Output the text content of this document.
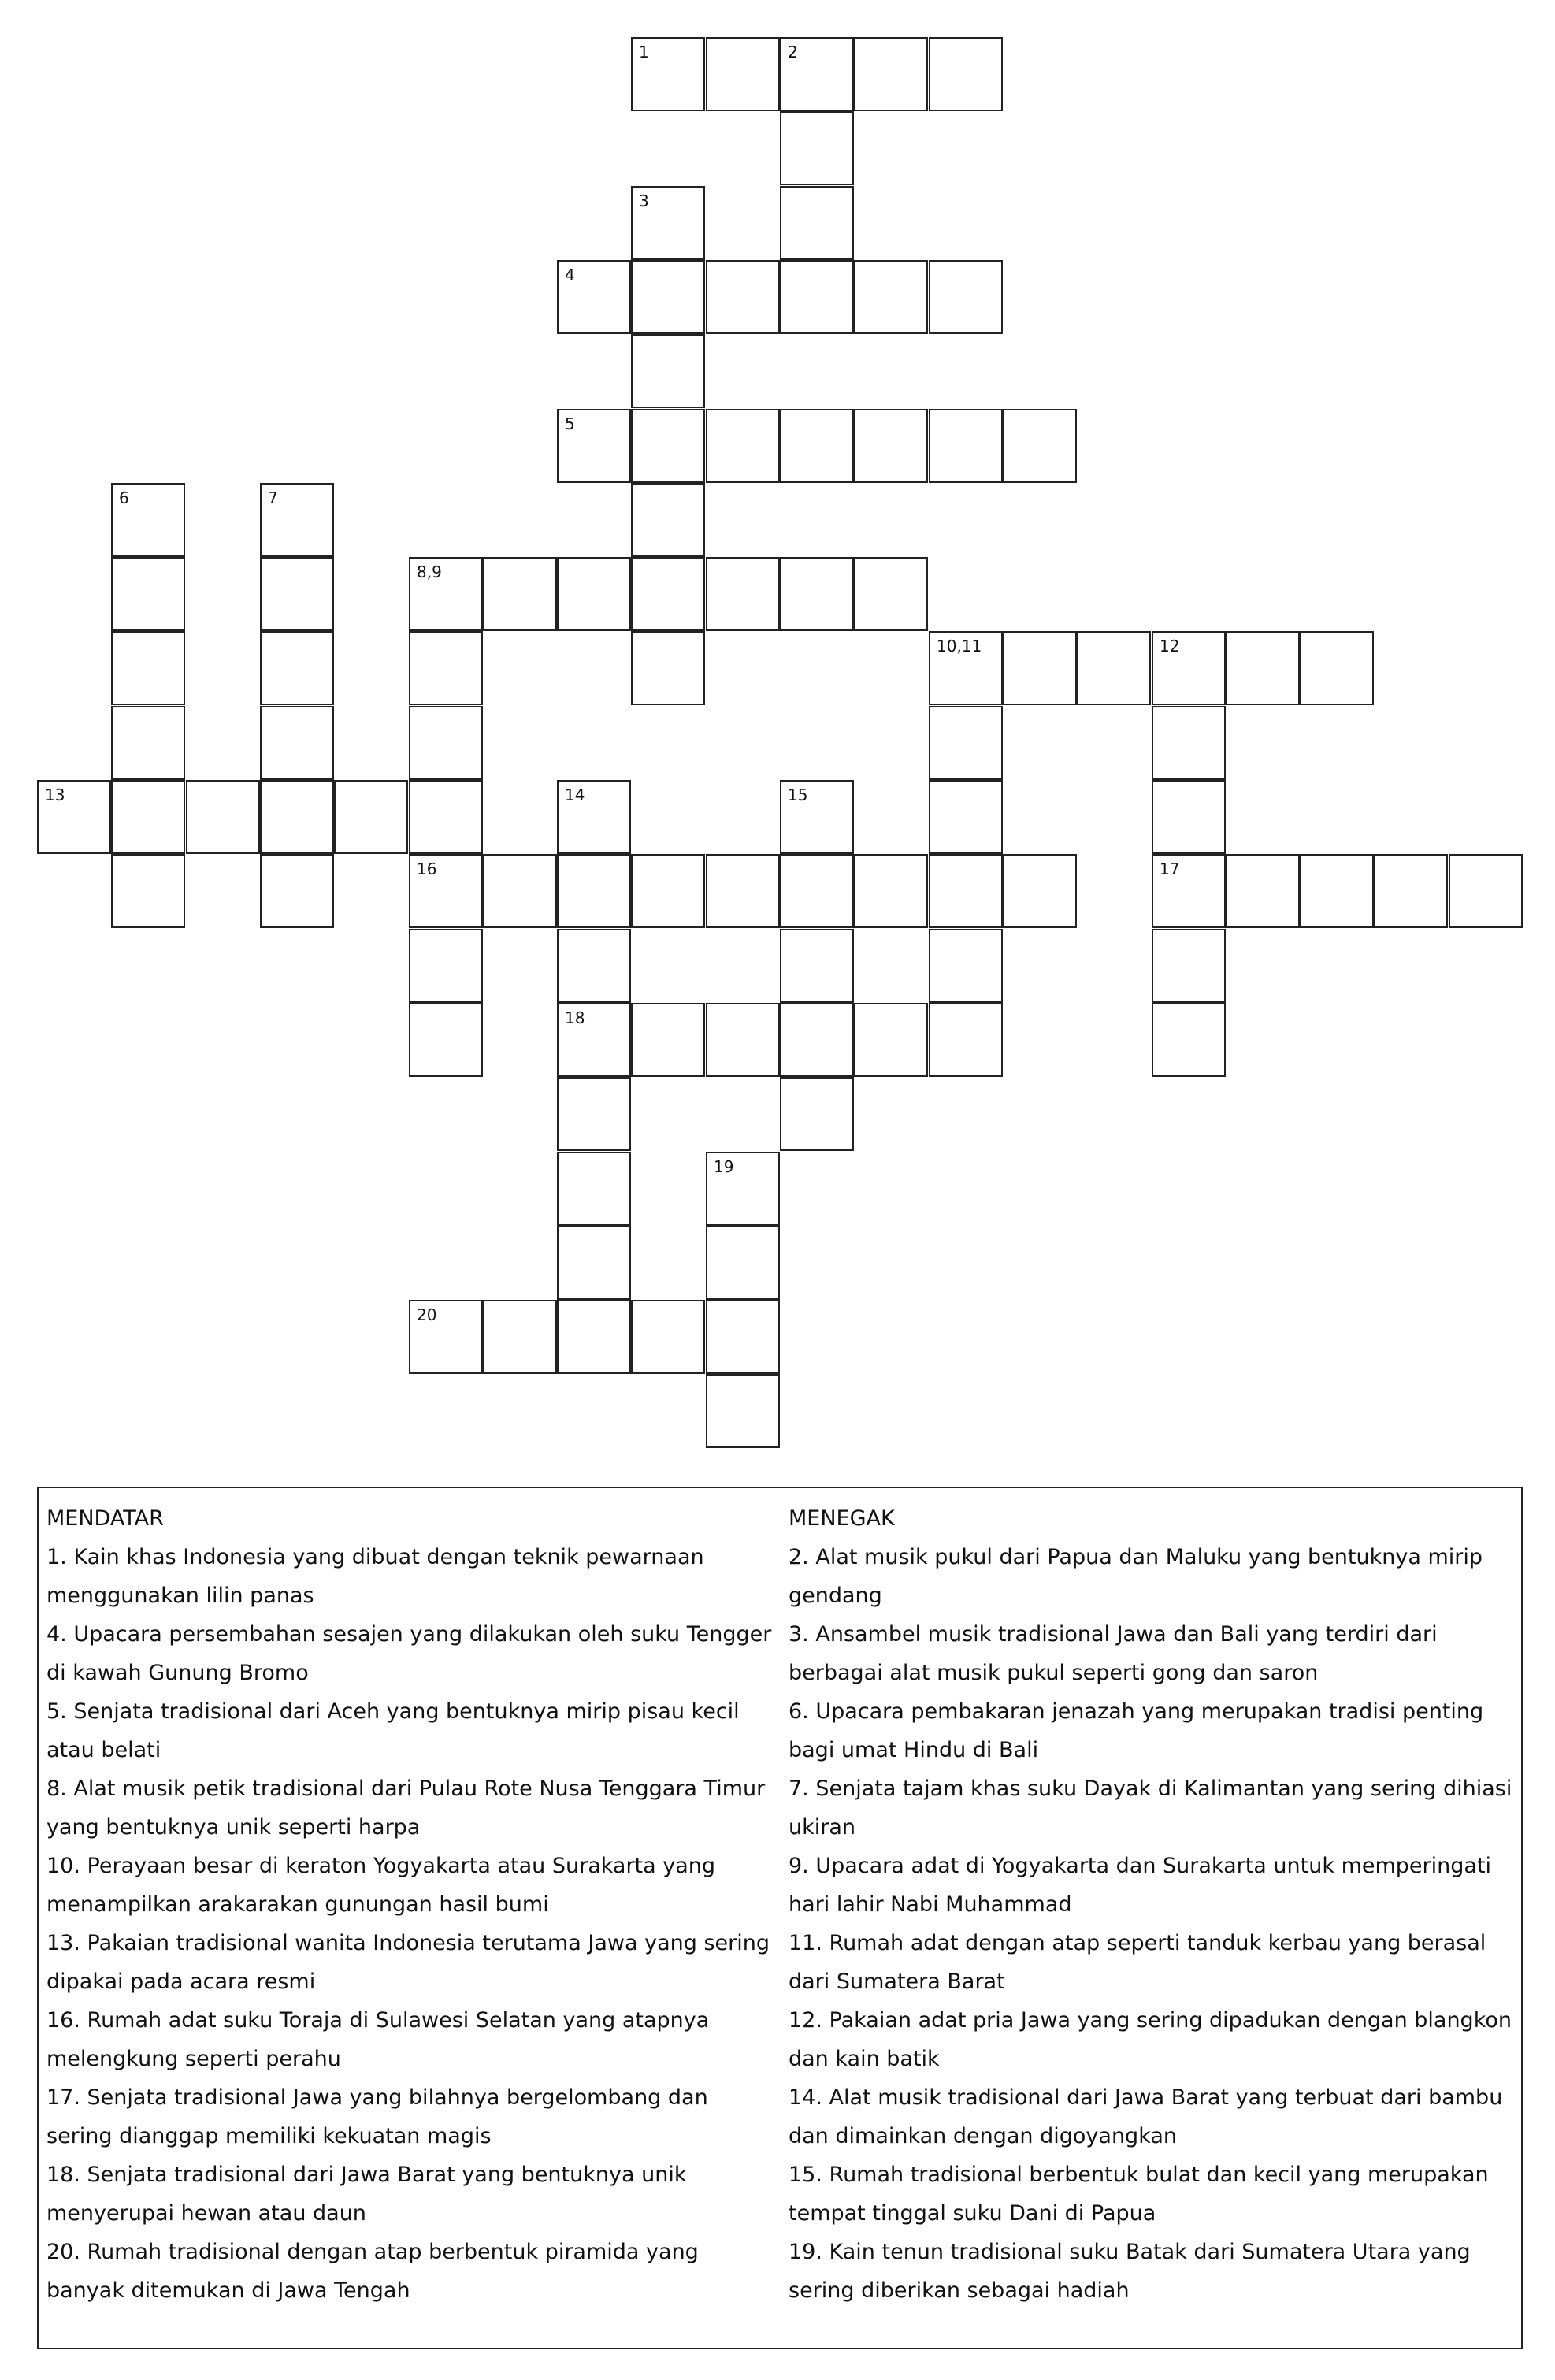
1	2
3
4
5
6	7
8,9
10,11	12
13	14	15
16	17
18
19
20

MENDATAR

1. Kain khas Indonesia yang dibuat dengan teknik pewarnaan menggunakan lilin panas

4. Upacara persembahan sesajen yang dilakukan oleh suku Tengger di kawah Gunung Bromo

5. Senjata tradisional dari Aceh yang bentuknya mirip pisau kecil atau belati

8. Alat musik petik tradisional dari Pulau Rote Nusa Tenggara Timur yang bentuknya unik seperti harpa

10. Perayaan besar di keraton Yogyakarta atau Surakarta yang menampilkan arakarakan gunungan hasil bumi

13. Pakaian tradisional wanita Indonesia terutama Jawa yang sering dipakai pada acara resmi

16. Rumah adat suku Toraja di Sulawesi Selatan yang atapnya melengkung seperti perahu

17. Senjata tradisional Jawa yang bilahnya bergelombang dan sering dianggap memiliki kekuatan magis

18. Senjata tradisional dari Jawa Barat yang bentuknya unik menyerupai hewan atau daun

20. Rumah tradisional dengan atap berbentuk piramida yang banyak ditemukan di Jawa Tengah

MENEGAK

2. Alat musik pukul dari Papua dan Maluku yang bentuknya mirip gendang

3. Ansambel musik tradisional Jawa dan Bali yang terdiri dari berbagai alat musik pukul seperti gong dan saron

6. Upacara pembakaran jenazah yang merupakan tradisi penting bagi umat Hindu di Bali

7. Senjata tajam khas suku Dayak di Kalimantan yang sering dihiasi ukiran

9. Upacara adat di Yogyakarta dan Surakarta untuk memperingati hari lahir Nabi Muhammad

11. Rumah adat dengan atap seperti tanduk kerbau yang berasal dari Sumatera Barat

12. Pakaian adat pria Jawa yang sering dipadukan dengan blangkon dan kain batik

14. Alat musik tradisional dari Jawa Barat yang terbuat dari bambu dan dimainkan dengan digoyangkan

15. Rumah tradisional berbentuk bulat dan kecil yang merupakan tempat tinggal suku Dani di Papua

19. Kain tenun tradisional suku Batak dari Sumatera Utara yang sering diberikan sebagai hadiah
